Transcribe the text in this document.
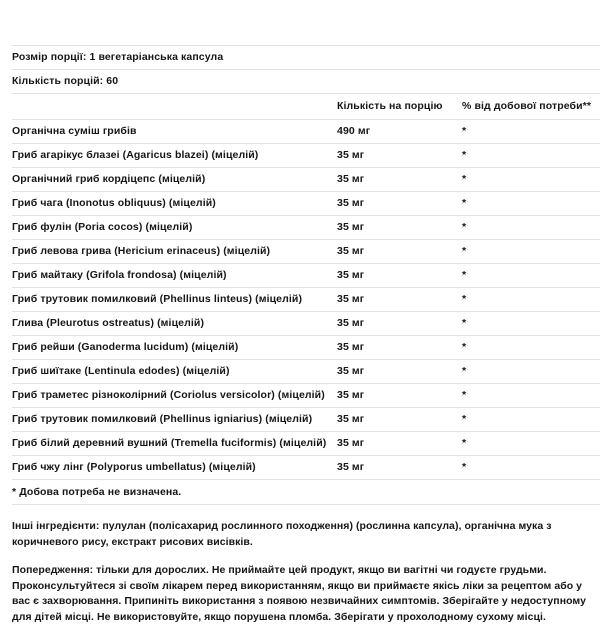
Розмір порції: 1 вегетаріанська капсула		
Кількість порцій: 60		
	Кількість на порцію	% від добової потреби**
Органічна суміш грибів	490 мг	*
Гриб агарікус блазеі (Agaricus blazei) (міцелій)	35 мг	*
Органічний гриб кордіцепс (міцелій)	35 мг	*
Гриб чага (Inonotus obliquus) (міцелій)	35 мг	*
Гриб фулін (Poria cocos) (міцелій)	35 мг	*
Гриб левова грива (Hericium erinaceus) (міцелій)	35 мг	*
Гриб майтаку (Grifola frondosa) (міцелій)	35 мг	*
Гриб трутовик помилковий (Phellinus linteus) (міцелій)	35 мг	*
Глива (Pleurotus ostreatus) (міцелій)	35 мг	*
Гриб рейши (Ganoderma lucidum) (міцелій)	35 мг	*
Гриб шиїтаке (Lentinula edodes) (міцелій)	35 мг	*
Гриб траметес різноколірний (Coriolus versicolor) (міцелій)	35 мг	*
Гриб трутовик помилковий (Phellinus igniarius) (міцелій)	35 мг	*
Гриб білий деревний вушний (Tremella fuciformis) (міцелій)	35 мг	*
Гриб чжу лінг (Polyporus umbellatus) (міцелій)	35 мг	*
* Добова потреба не визначена.		

Інші інгредієнти: пулулан (полісахарид рослинного походження) (рослинна капсула), органічна мука з коричневого рису, екстракт рисових висівків.

Попередження: тільки для дорослих. Не приймайте цей продукт, якщо ви вагітні чи годуєте грудьми. Проконсультуйтеся зі своїм лікарем перед використанням, якщо ви приймаєте якісь ліки за рецептом або у вас є захворювання. Припиніть використання з появою незвичайних симптомів. Зберігайте у недоступному для дітей місці. Не використовуйте, якщо порушена пломба. Зберігати у прохолодному сухому місці.
